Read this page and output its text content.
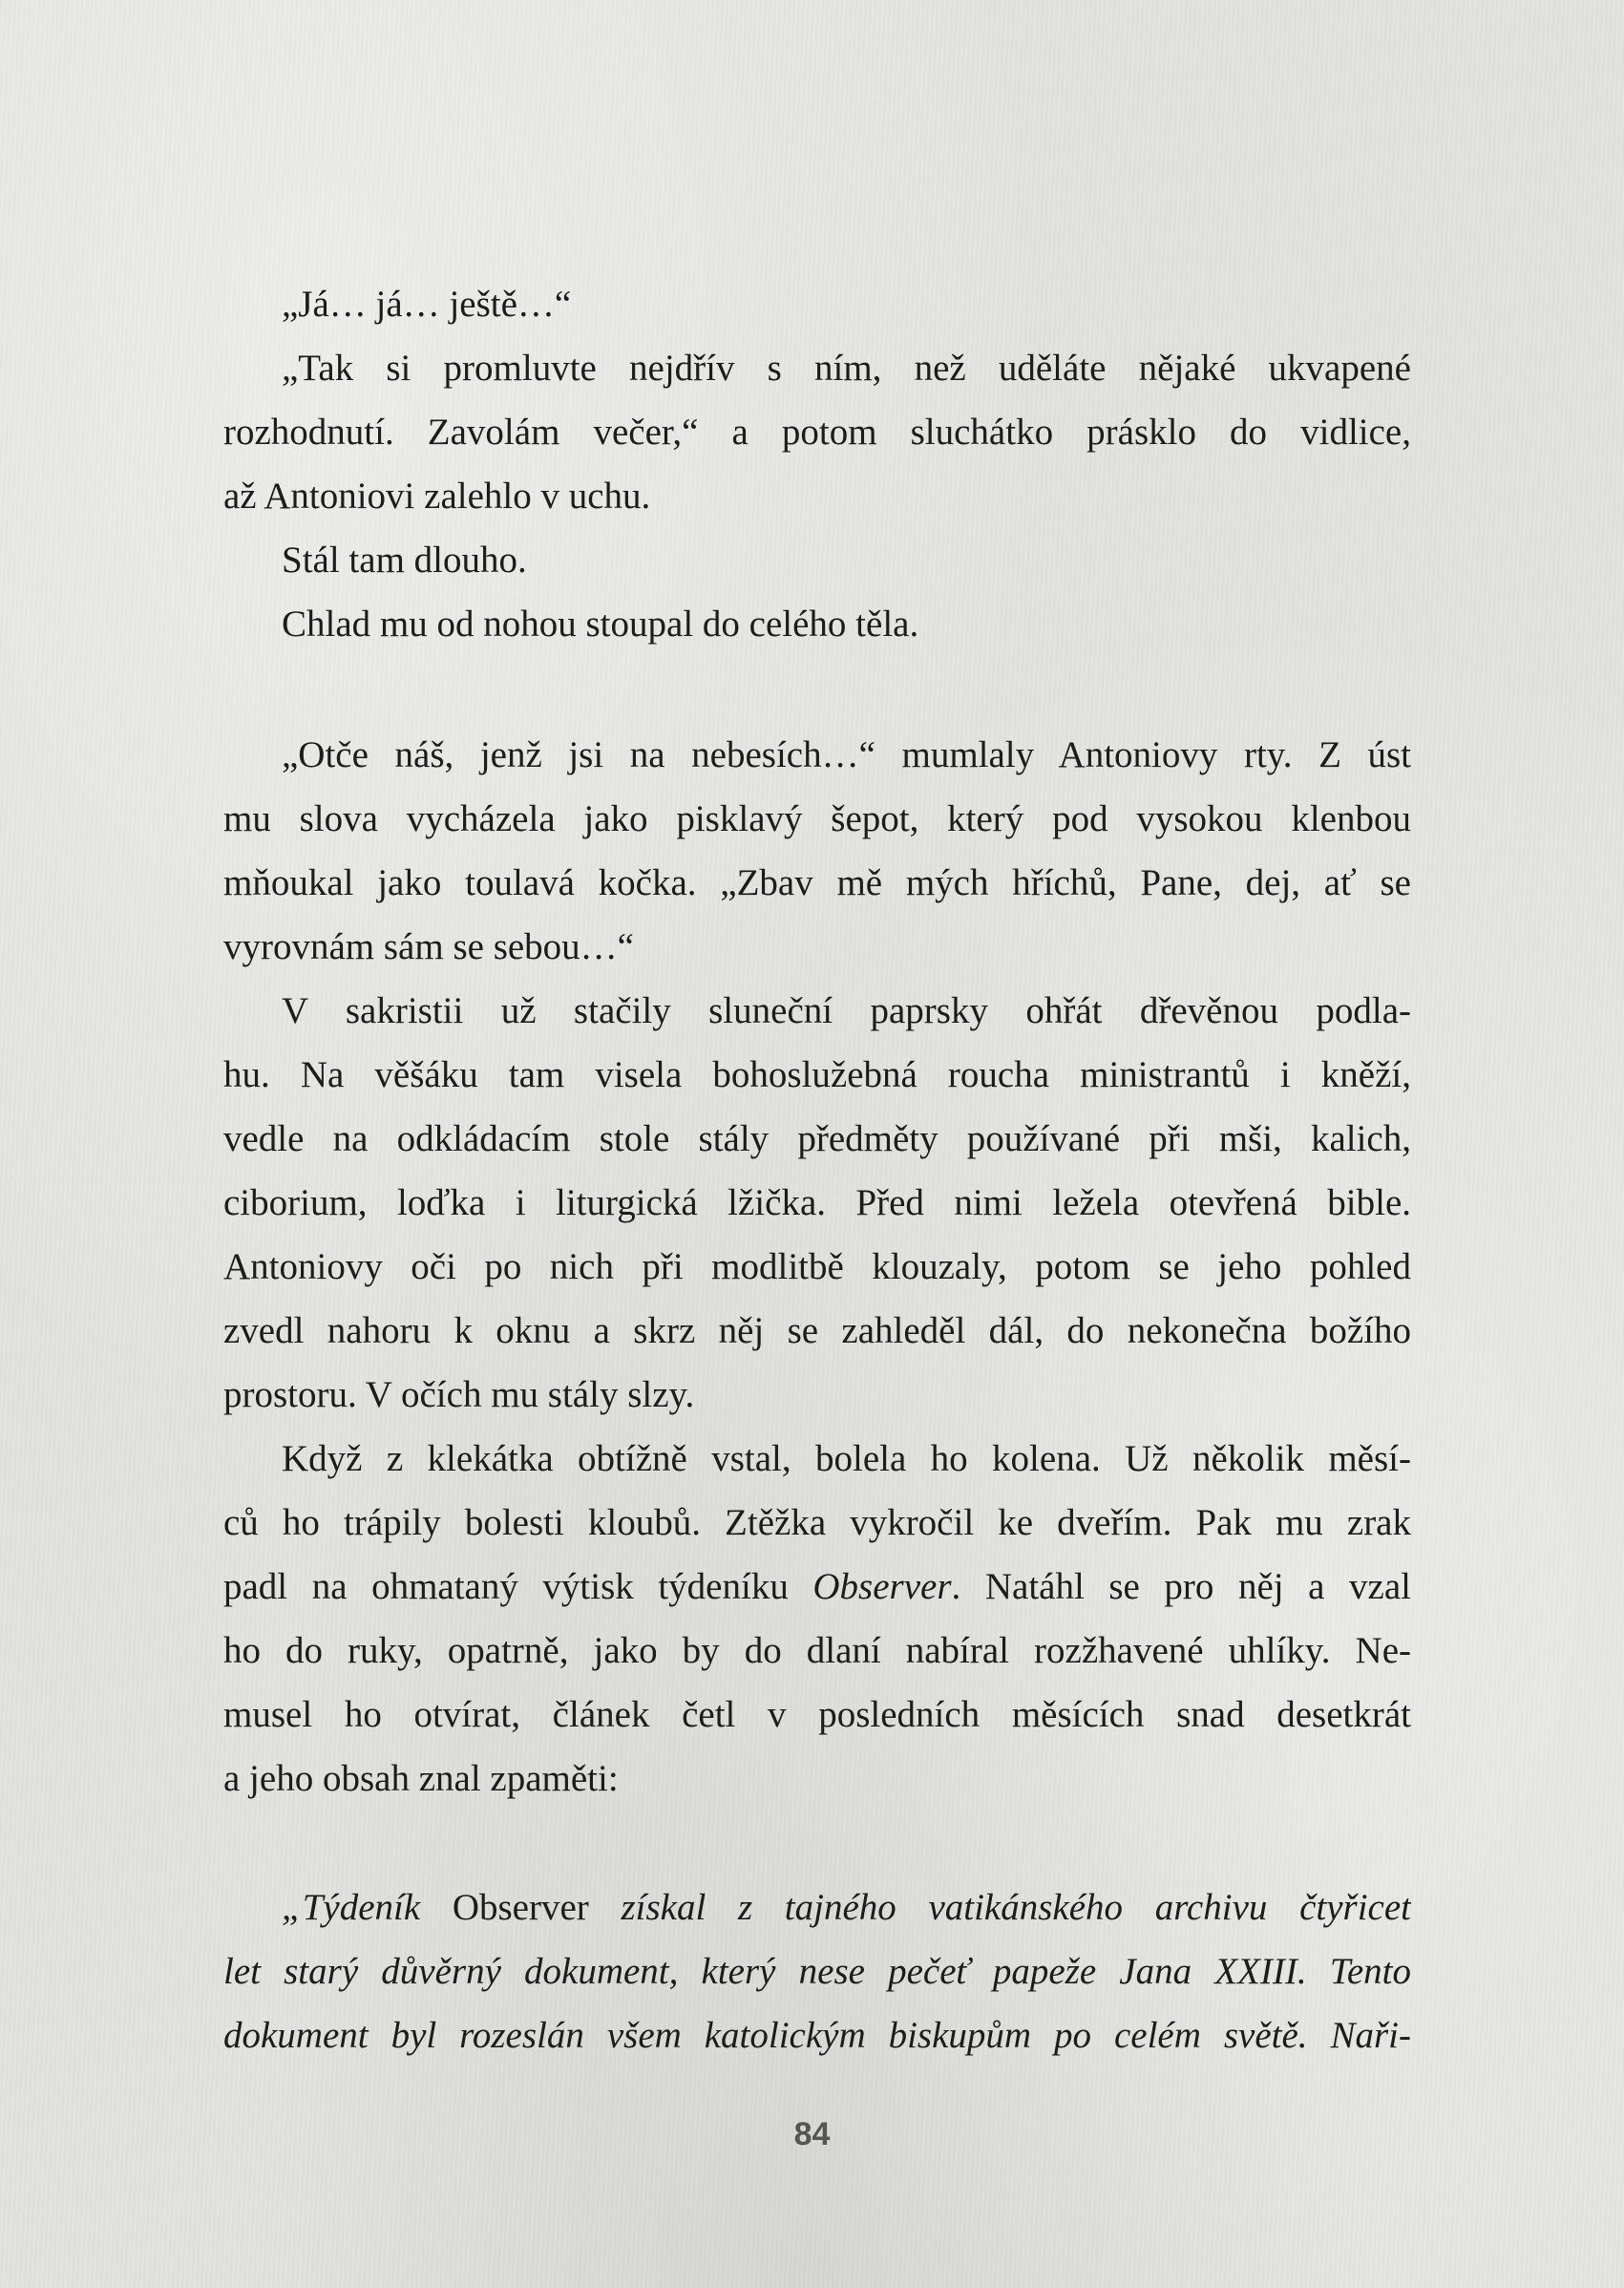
„Já… já… ještě…“
„Tak si promluvte nejdřív s ním, než uděláte nějaké ukvapené
rozhodnutí. Zavolám večer,“ a potom sluchátko prásklo do vidlice,
až Antoniovi zalehlo v uchu.
Stál tam dlouho.
Chlad mu od nohou stoupal do celého těla.
„Otče náš, jenž jsi na nebesích…“ mumlaly Antoniovy rty. Z úst
mu slova vycházela jako pisklavý šepot, který pod vysokou klenbou
mňoukal jako toulavá kočka. „Zbav mě mých hříchů, Pane, dej, ať se
vyrovnám sám se sebou…“
V sakristii už stačily sluneční paprsky ohřát dřevěnou podla-
hu. Na věšáku tam visela bohoslužebná roucha ministrantů i kněží,
vedle na odkládacím stole stály předměty používané při mši, kalich,
ciborium, loďka i liturgická lžička. Před nimi ležela otevřená bible.
Antoniovy oči po nich při modlitbě klouzaly, potom se jeho pohled
zvedl nahoru k oknu a skrz něj se zahleděl dál, do nekonečna božího
prostoru. V očích mu stály slzy.
Když z klekátka obtížně vstal, bolela ho kolena. Už několik měsí-
ců ho trápily bolesti kloubů. Ztěžka vykročil ke dveřím. Pak mu zrak
padl na ohmataný výtisk týdeníku Observer. Natáhl se pro něj a vzal
ho do ruky, opatrně, jako by do dlaní nabíral rozžhavené uhlíky. Ne-
musel ho otvírat, článek četl v posledních měsících snad desetkrát
a jeho obsah znal zpaměti:
„Týdeník Observer získal z tajného vatikánského archivu čtyřicet
let starý důvěrný dokument, který nese pečeť papeže Jana XXIII. Tento
dokument byl rozeslán všem katolickým biskupům po celém světě. Naři-
84
